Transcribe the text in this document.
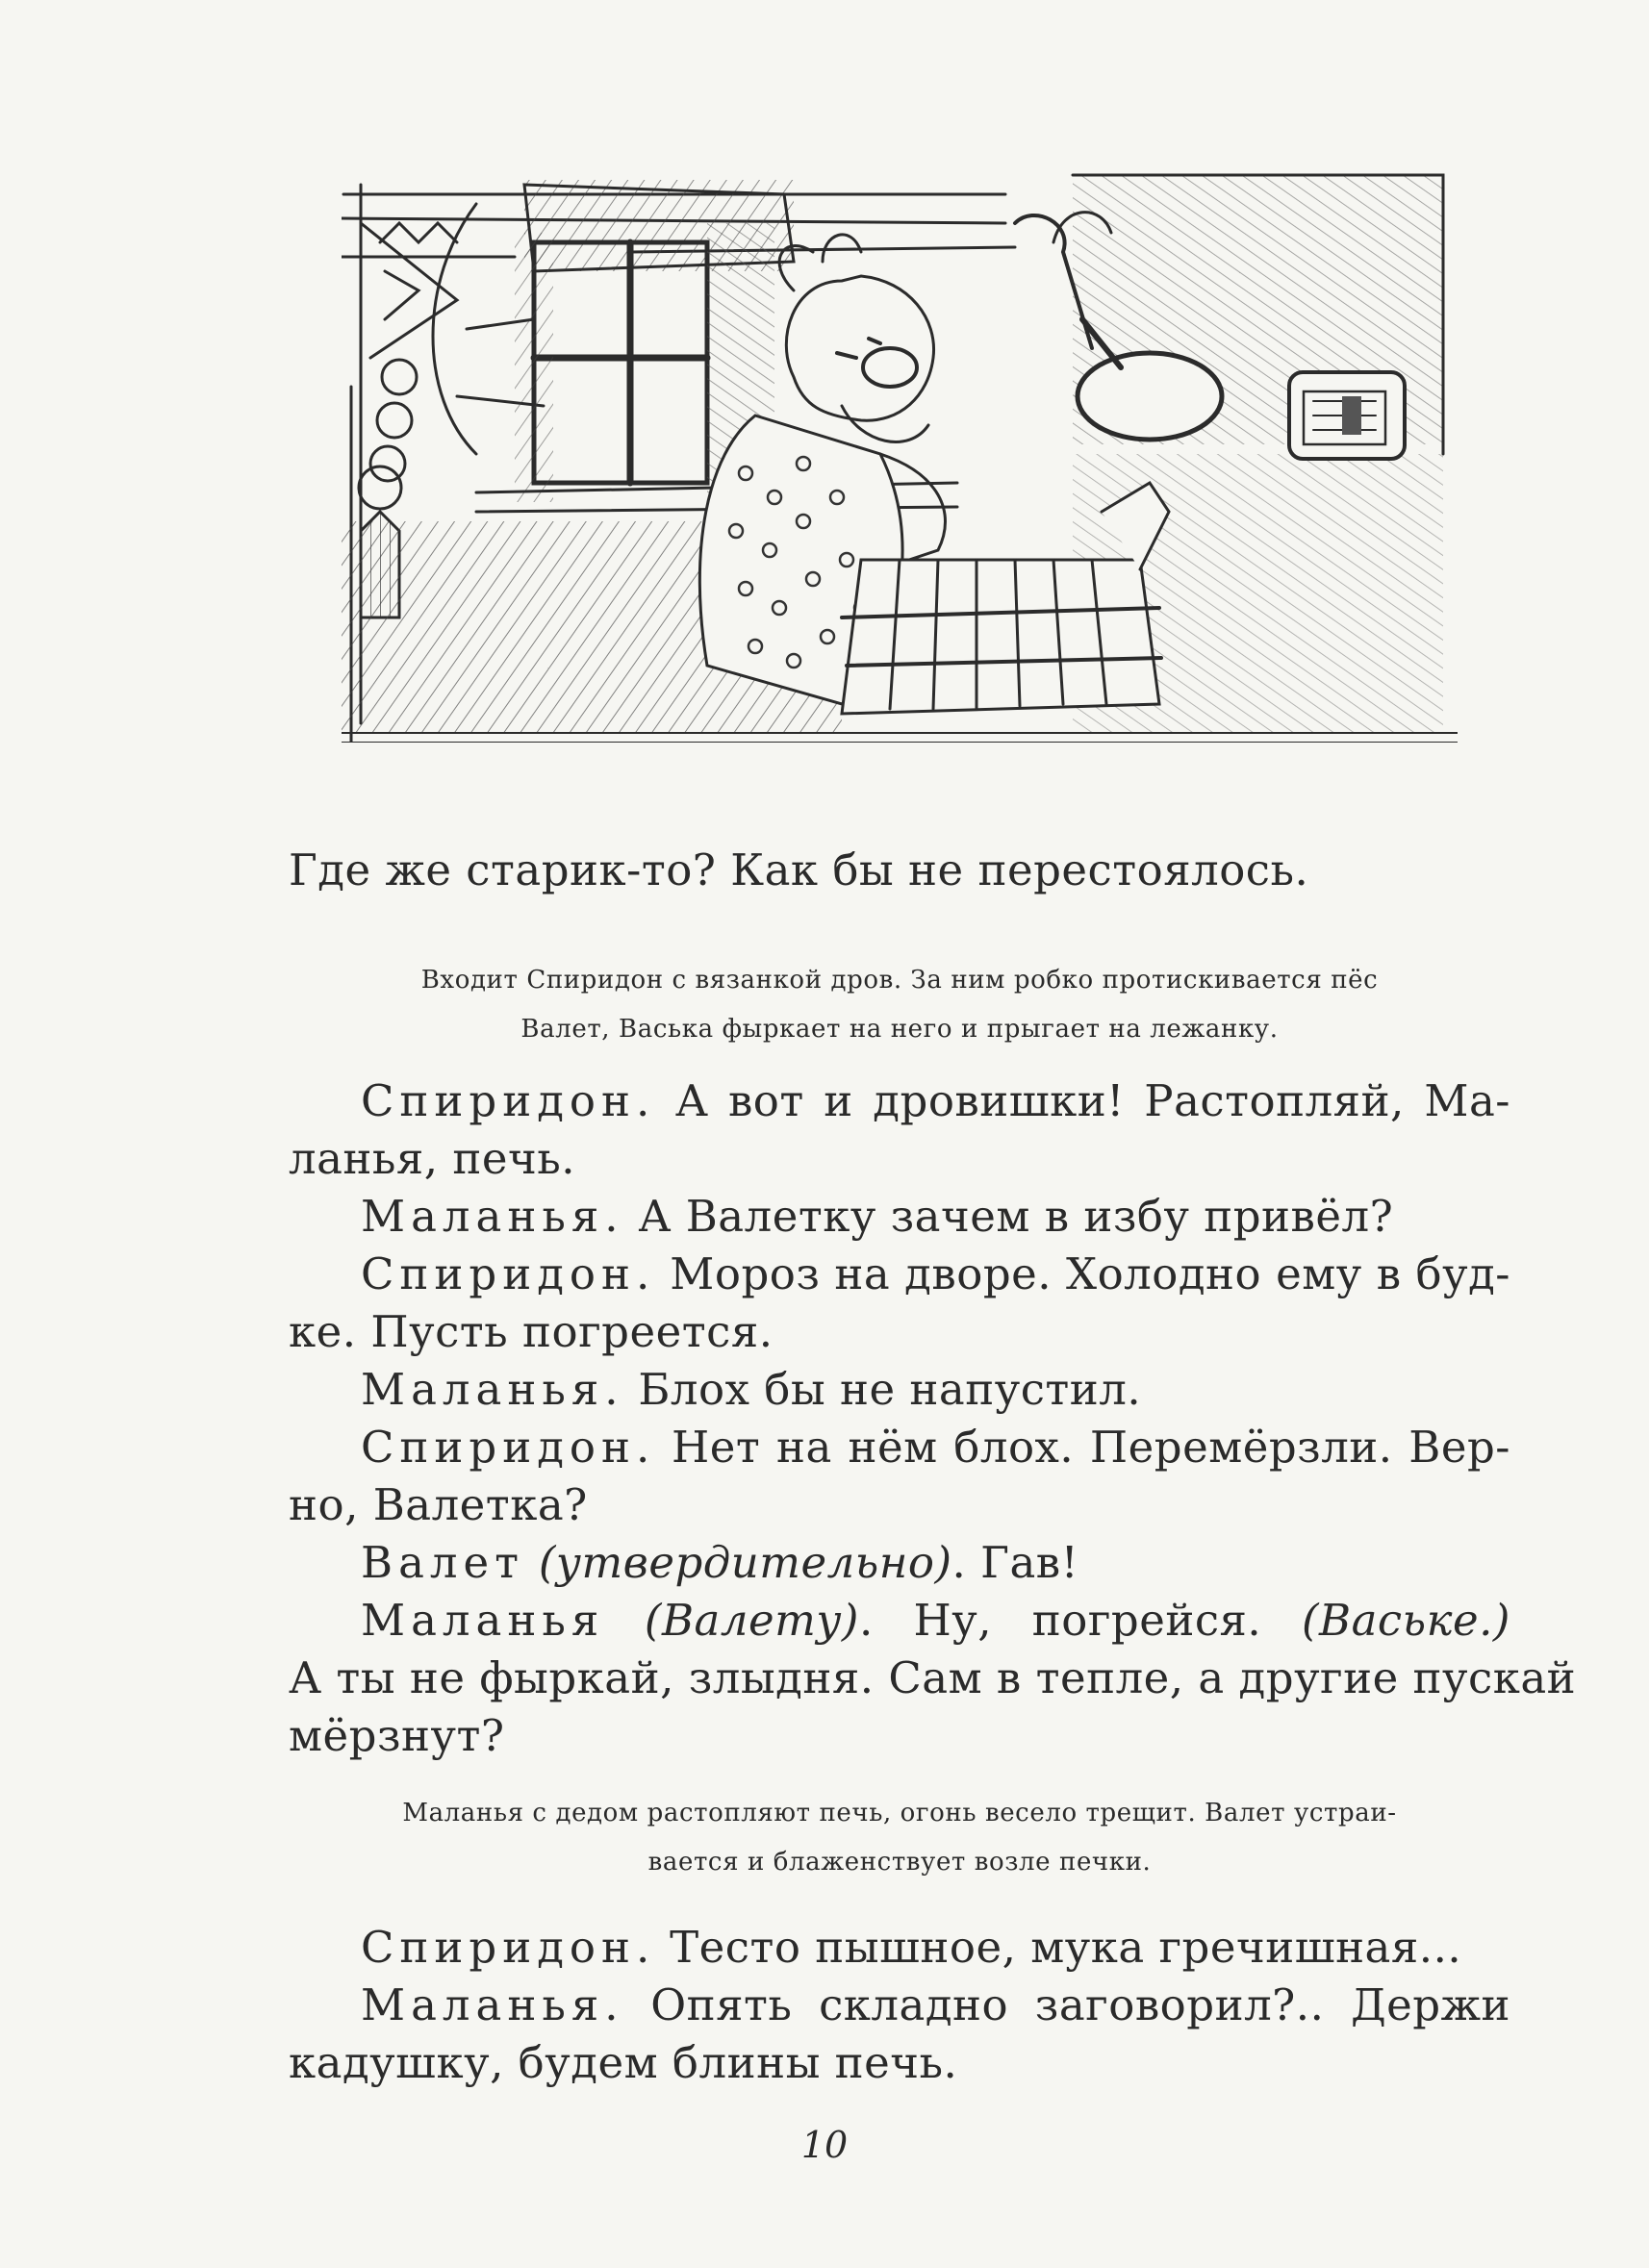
Где же старик-то? Как бы не перестоялось.
Входит Спиридон с вязанкой дров. За ним робко протискивается пёс
Валет, Васька фыркает на него и прыгает на лежанку.
Спиридон. А вот и дровишки! Растопляй, Ма-
ланья, печь.
Маланья. А Валетку зачем в избу привёл?
Спиридон. Мороз на дворе. Холодно ему в буд-
ке. Пусть погреется.
Маланья. Блох бы не напустил.
Спиридон. Нет на нём блох. Перемёрзли. Вер-
но, Валетка?
Валет (утвердительно). Гав!
Маланья (Валету). Ну, погрейся. (Ваське.)
А ты не фыркай, злыдня. Сам в тепле, а другие пускай
мёрзнут?
Маланья с дедом растопляют печь, огонь весело трещит. Валет устраи-
вается и блаженствует возле печки.
Спиридон. Тесто пышное, мука гречишная...
Маланья. Опять складно заговорил?.. Держи
кадушку, будем блины печь.
10
